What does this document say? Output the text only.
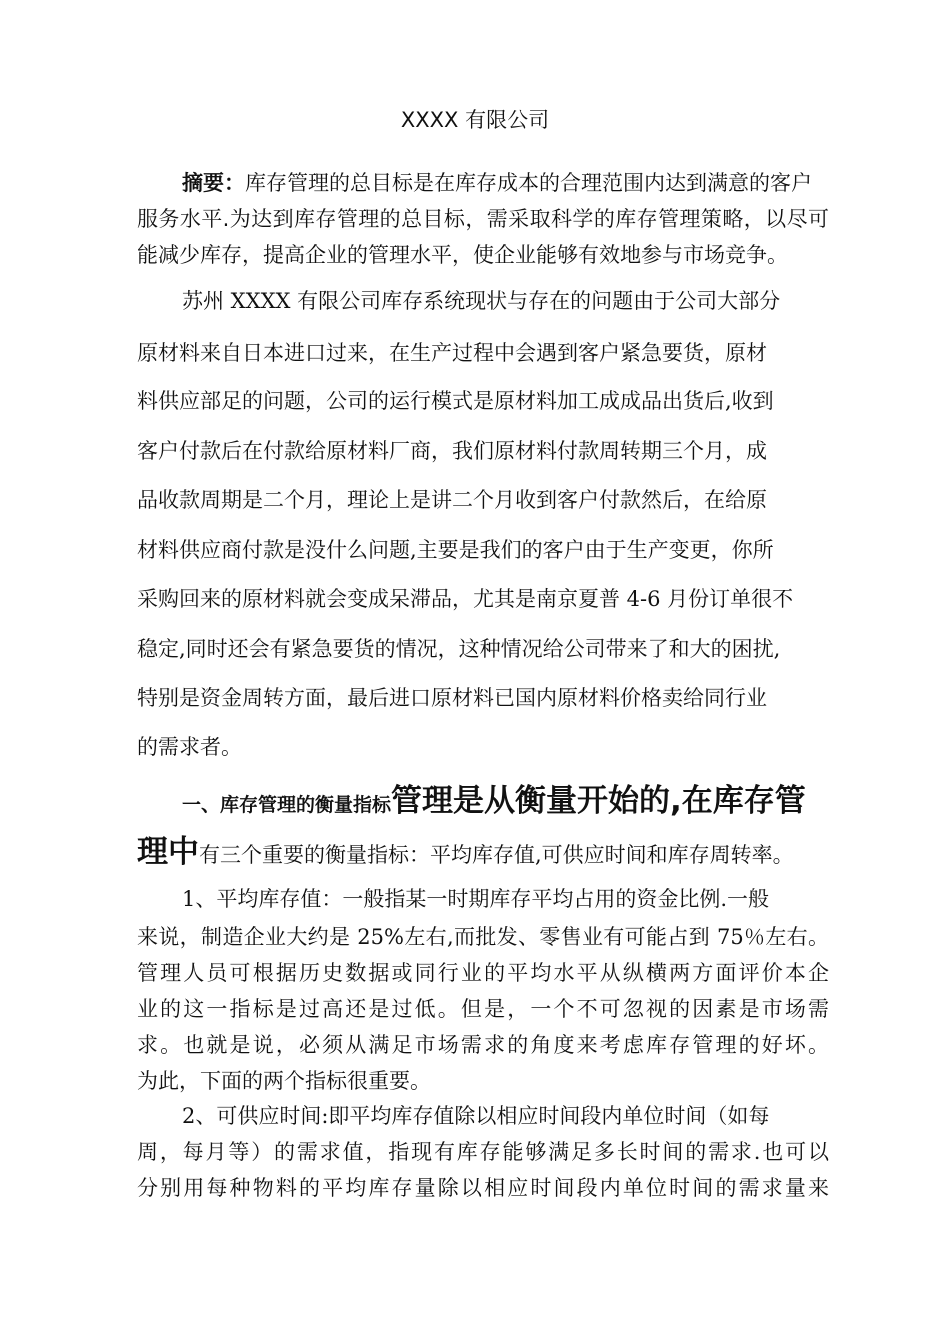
XXXX 有限公司
摘要：库存管理的总目标是在库存成本的合理范围内达到满意的客户
服务水平.为达到库存管理的总目标，需采取科学的库存管理策略，以尽可
能减少库存，提高企业的管理水平，使企业能够有效地参与市场竞争。
苏州 XXXX 有限公司库存系统现状与存在的问题由于公司大部分
原材料来自日本进口过来，在生产过程中会遇到客户紧急要货，原材
料供应部足的问题，公司的运行模式是原材料加工成成品出货后,收到
客户付款后在付款给原材料厂商，我们原材料付款周转期三个月，成
品收款周期是二个月，理论上是讲二个月收到客户付款然后，在给原
材料供应商付款是没什么问题,主要是我们的客户由于生产变更，你所
采购回来的原材料就会变成呆滞品，尤其是南京夏普 4-6 月份订单很不
稳定,同时还会有紧急要货的情况，这种情况给公司带来了和大的困扰,
特别是资金周转方面，最后进口原材料已国内原材料价格卖给同行业
的需求者。
一、库存管理的衡量指标管理是从衡量开始的,在库存管
理中有三个重要的衡量指标：平均库存值,可供应时间和库存周转率。
1、平均库存值：一般指某一时期库存平均占用的资金比例.一般
来说，制造企业大约是 25%左右,而批发、零售业有可能占到 75％左右。
管理人员可根据历史数据或同行业的平均水平从纵横两方面评价本企
业的这一指标是过高还是过低。但是，一个不可忽视的因素是市场需
求。也就是说，必须从满足市场需求的角度来考虑库存管理的好坏。
为此，下面的两个指标很重要。
2、可供应时间:即平均库存值除以相应时间段内单位时间（如每
周，每月等）的需求值，指现有库存能够满足多长时间的需求.也可以
分别用每种物料的平均库存量除以相应时间段内单位时间的需求量来
